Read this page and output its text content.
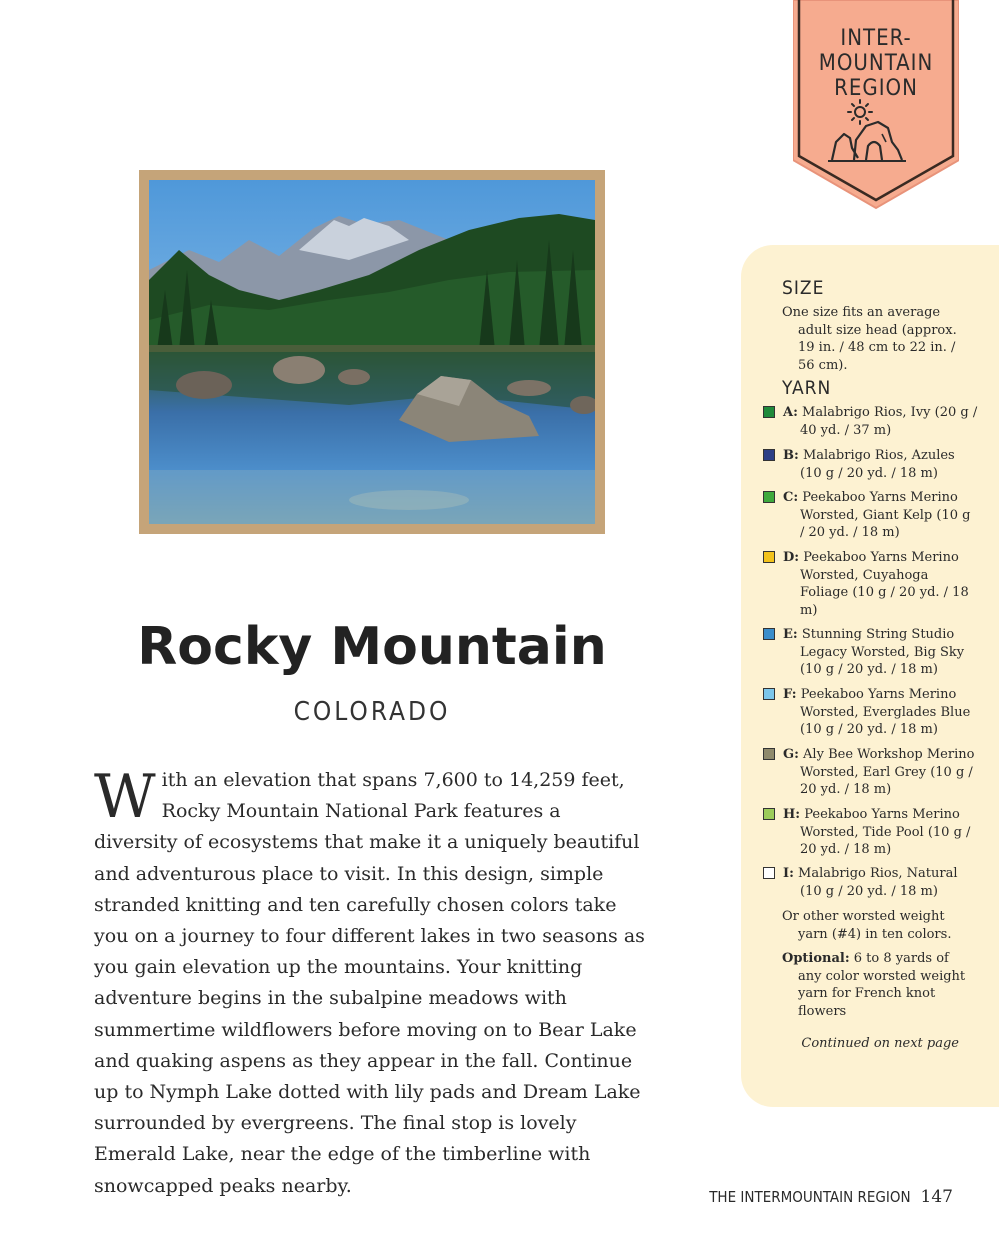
INTER-
MOUNTAIN
REGION
Rocky Mountain
COLORADO

With an elevation that spans 7,600 to 14,259 feet, Rocky Mountain National Park features a diversity of ecosystems that make it a uniquely beautiful and adventurous place to visit. In this design, simple stranded knitting and ten carefully chosen colors take you on a journey to four different lakes in two seasons as you gain elevation up the mountains. Your knitting adventure begins in the subalpine meadows with summertime wildflowers before moving on to Bear Lake and quaking aspens as they appear in the fall. Continue up to Nymph Lake dotted with lily pads and Dream Lake surrounded by evergreens. The final stop is lovely Emerald Lake, near the edge of the timberline with snowcapped peaks nearby.

SIZE
One size fits an average adult size head (approx. 19 in. / 48 cm to 22 in. / 56 cm).
YARN
A: Malabrigo Rios, Ivy (20 g / 40 yd. / 37 m)
B: Malabrigo Rios, Azules (10 g / 20 yd. / 18 m)
C: Peekaboo Yarns Merino Worsted, Giant Kelp (10 g / 20 yd. / 18 m)
D: Peekaboo Yarns Merino Worsted, Cuyahoga Foliage (10 g / 20 yd. / 18 m)
E: Stunning String Studio Legacy Worsted, Big Sky (10 g / 20 yd. / 18 m)
F: Peekaboo Yarns Merino Worsted, Everglades Blue (10 g / 20 yd. / 18 m)
G: Aly Bee Workshop Merino Worsted, Earl Grey (10 g / 20 yd. / 18 m)
H: Peekaboo Yarns Merino Worsted, Tide Pool (10 g / 20 yd. / 18 m)
I: Malabrigo Rios, Natural (10 g / 20 yd. / 18 m)
Or other worsted weight yarn (#4) in ten colors.
Optional: 6 to 8 yards of any color worsted weight yarn for French knot flowers
Continued on next page
THE INTERMOUNTAIN REGION 147
